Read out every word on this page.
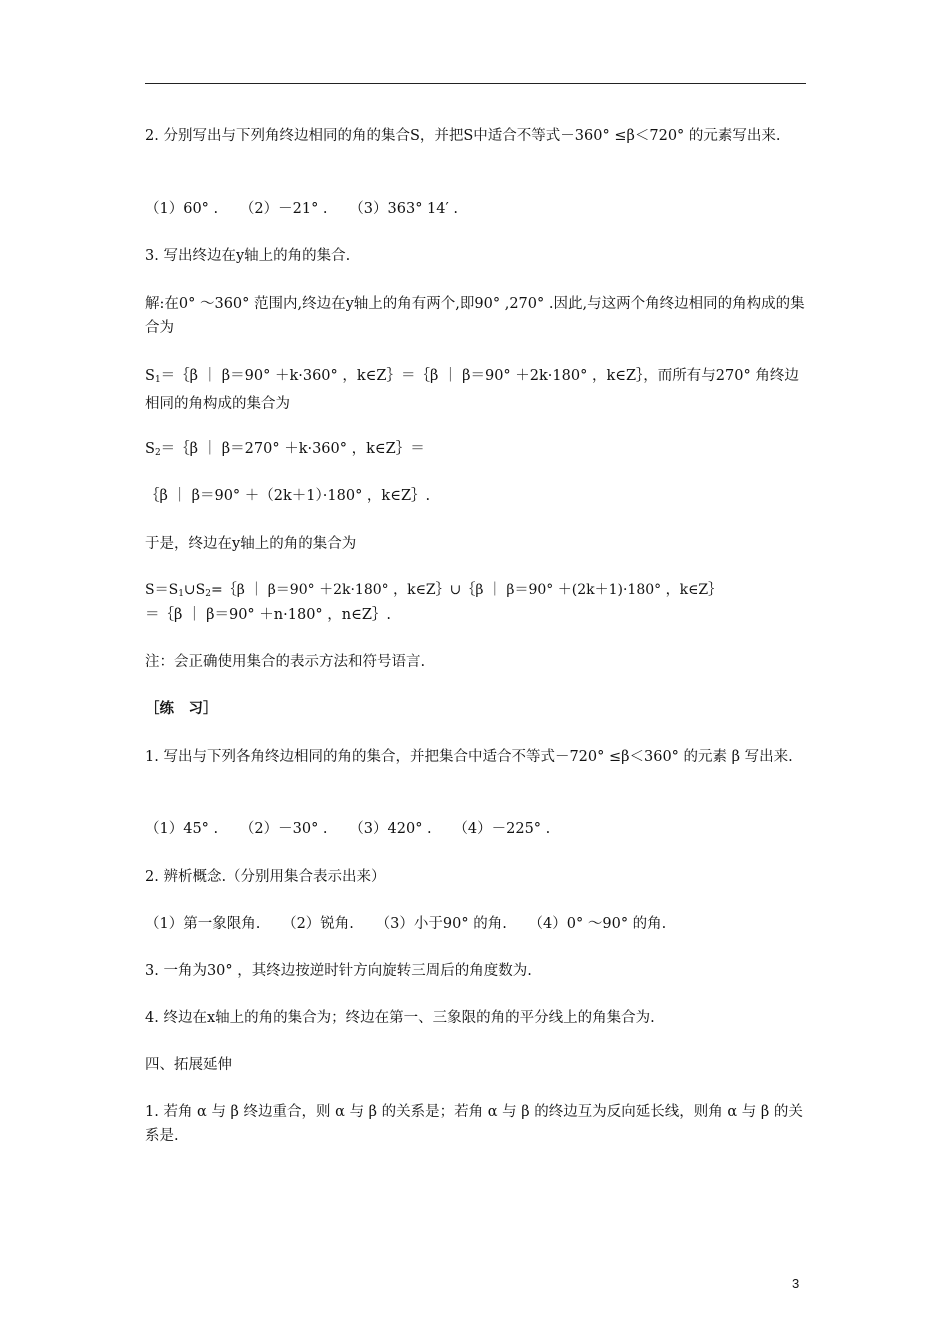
2. 分别写出与下列角终边相同的角的集合S，并把S中适合不等式－360° ≤β＜720° 的元素写出来.

（1）60° .　　（2）－21° .　　（3）363° 14′ .

3. 写出终边在y轴上的角的集合.

解:在0° ～360° 范围内,终边在y轴上的角有两个,即90° ,270° .因此,与这两个角终边相同的角构成的集合为

$S_1=\{\beta$ ｜ β＝90° ＋k·360° ，k∈Z｝＝｛β ｜ β＝90° ＋2k·180° ，k∈Z｝，而所有与270° 角终边相同的角构成的集合为

$S_2=\{\beta$ ｜ β＝270° ＋k·360° ，k∈Z｝＝

｛β ｜ β＝90° ＋（2k＋1）·180° ，k∈Z｝.

于是，终边在y轴上的角的集合为

$S=S_1\cup S_2=\{\beta$ ｜ β＝90° ＋2k·180° ，k∈Z｝∪｛β ｜ β＝90° ＋(2k＋1)·180° ，k∈Z｝

＝｛β ｜ β＝90° ＋n·180° ，n∈Z｝.

注：会正确使用集合的表示方法和符号语言.

［练　习］

1. 写出与下列各角终边相同的角的集合，并把集合中适合不等式－720° ≤β＜360° 的元素 β 写出来.

（1）45° .　　（2）－30° .　　（3）420° .　　（4）－225° .

2. 辨析概念.（分别用集合表示出来）

（1）第一象限角.　　（2）锐角.　　（3）小于90° 的角.　　（4）0° ～90° 的角.

3. 一角为30° ，其终边按逆时针方向旋转三周后的角度数为.

4. 终边在x轴上的角的集合为；终边在第一、三象限的角的平分线上的角集合为.

四、拓展延伸

1. 若角 α 与 β 终边重合，则 α 与 β 的关系是；若角 α 与 β 的终边互为反向延长线，则角 α 与 β 的关系是.

3
